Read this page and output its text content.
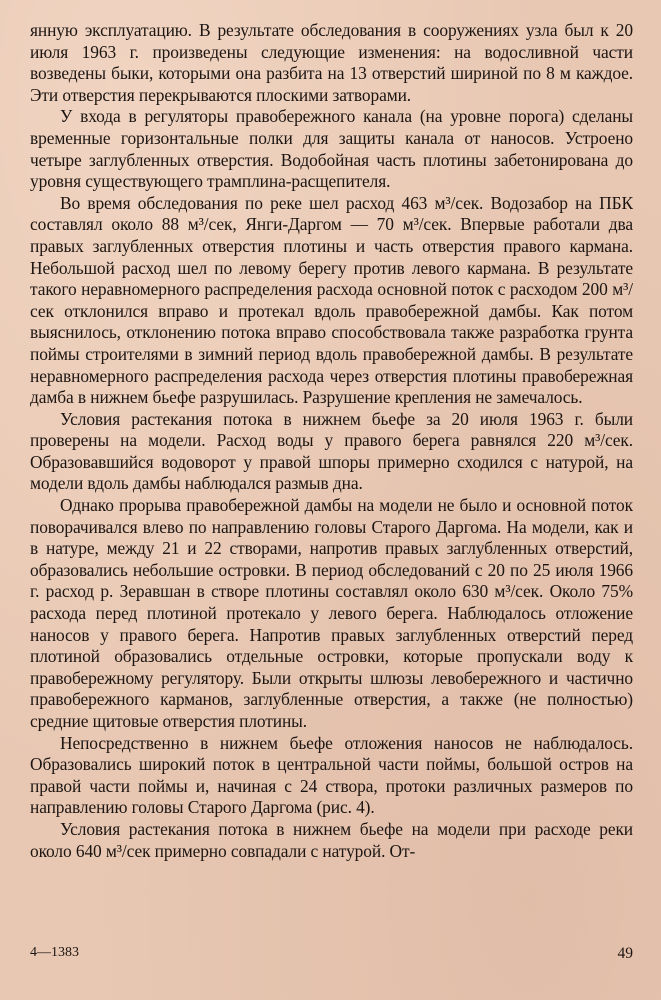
янную эксплуатацию. В результате обследования в сооружениях узла был к 20 июля 1963 г. произведены следующие изменения: на водосливной части возведены быки, которыми она разбита на 13 отверстий шириной по 8 м каждое. Эти отверстия перекрываются плоскими затворами.

У входа в регуляторы правобережного канала (на уровне порога) сделаны временные горизонтальные полки для защиты канала от наносов. Устроено четыре заглубленных отверстия. Водобойная часть плотины забетонирована до уровня существующего трамплина-расщепителя.

Во время обследования по реке шел расход 463 м³/сек. Водозабор на ПБК составлял около 88 м³/сек, Янги-Даргом — 70 м³/сек. Впервые работали два правых заглубленных отверстия плотины и часть отверстия правого кармана. Небольшой расход шел по левому берегу против левого кармана. В результате такого неравномерного распределения расхода основной поток с расходом 200 м³/сек отклонился вправо и протекал вдоль правобережной дамбы. Как потом выяснилось, отклонению потока вправо способствовала также разработка грунта поймы строителями в зимний период вдоль правобережной дамбы. В результате неравномерного распределения расхода через отверстия плотины правобережная дамба в нижнем бьефе разрушилась. Разрушение крепления не замечалось.

Условия растекания потока в нижнем бьефе за 20 июля 1963 г. были проверены на модели. Расход воды у правого берега равнялся 220 м³/сек. Образовавшийся водоворот у правой шпоры примерно сходился с натурой, на модели вдоль дамбы наблюдался размыв дна.

Однако прорыва правобережной дамбы на модели не было и основной поток поворачивался влево по направлению головы Старого Даргома. На модели, как и в натуре, между 21 и 22 створами, напротив правых заглубленных отверстий, образовались небольшие островки. В период обследований с 20 по 25 июля 1966 г. расход р. Зеравшан в створе плотины составлял около 630 м³/сек. Около 75% расхода перед плотиной протекало у левого берега. Наблюдалось отложение наносов у правого берега. Напротив правых заглубленных отверстий перед плотиной образовались отдельные островки, которые пропускали воду к правобережному регулятору. Были открыты шлюзы левобережного и частично правобережного карманов, заглубленные отверстия, а также (не полностью) средние щитовые отверстия плотины.

Непосредственно в нижнем бьефе отложения наносов не наблюдалось. Образовались широкий поток в центральной части поймы, большой остров на правой части поймы и, начиная с 24 створа, протоки различных размеров по направлению головы Старого Даргома (рис. 4).

Условия растекания потока в нижнем бьефе на модели при расходе реки около 640 м³/сек примерно совпадали с натурой. От-

4—1383	49
